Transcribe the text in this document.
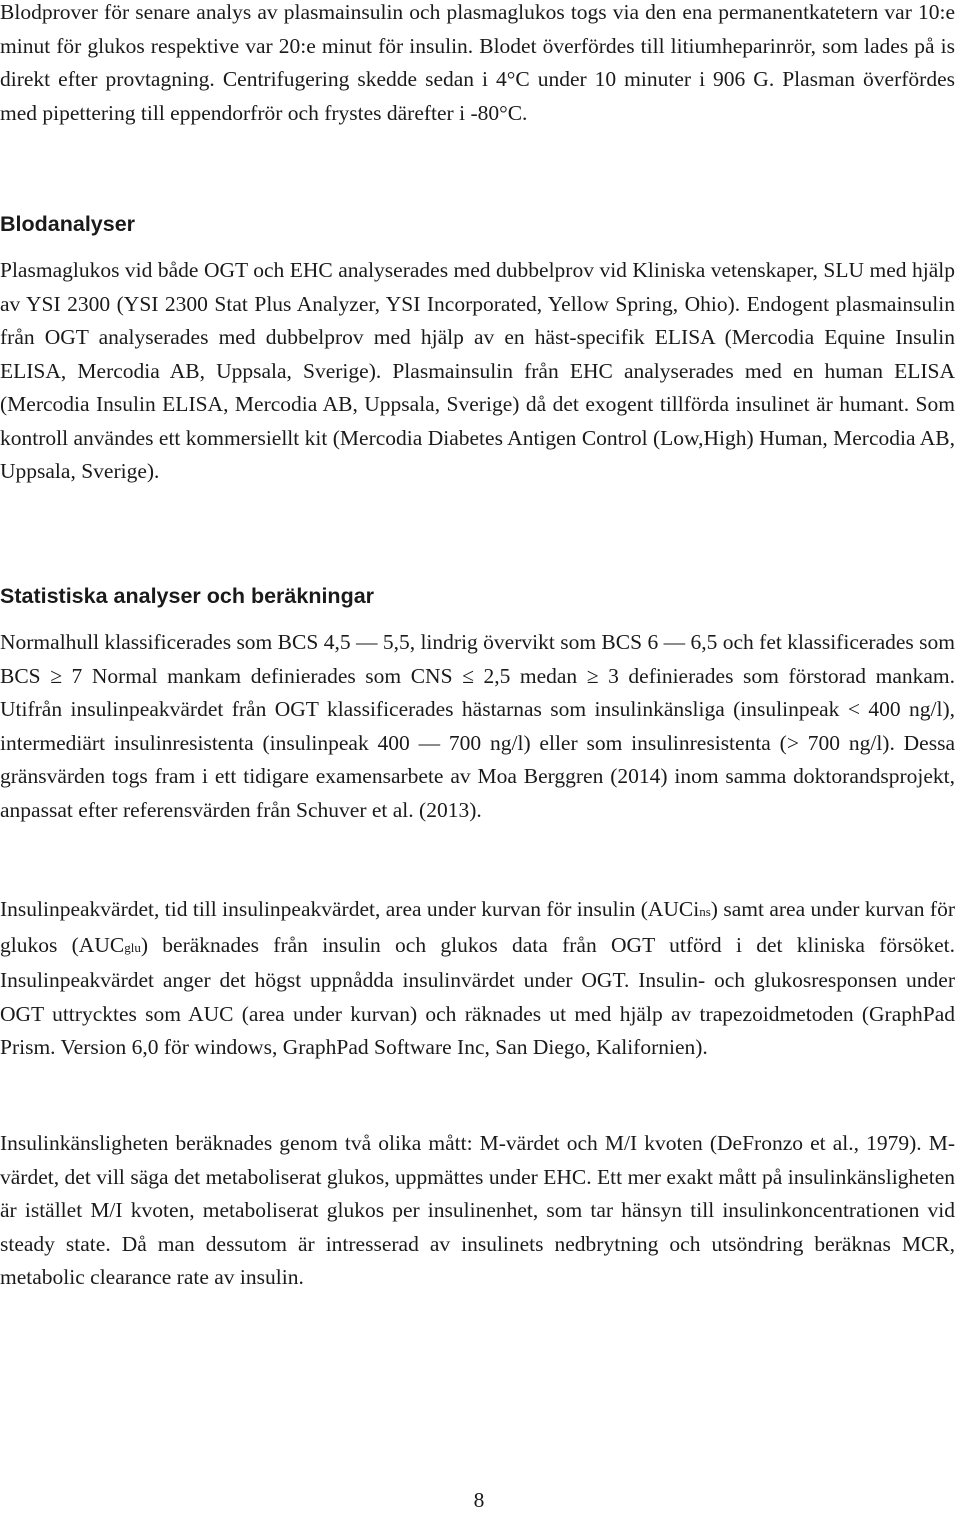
Blodprover för senare analys av plasmainsulin och plasmaglukos togs via den ena permanentkatetern var 10:e minut för glukos respektive var 20:e minut för insulin. Blodet överfördes till litiumheparinrör, som lades på is direkt efter provtagning. Centrifugering skedde sedan i 4°C under 10 minuter i 906 G. Plasman överfördes med pipettering till eppendorfrör och frystes därefter i -80°C.

Blodanalyser

Plasmaglukos vid både OGT och EHC analyserades med dubbelprov vid Kliniska vetenskaper, SLU med hjälp av YSI 2300 (YSI 2300 Stat Plus Analyzer, YSI Incorporated, Yellow Spring, Ohio). Endogent plasmainsulin från OGT analyserades med dubbelprov med hjälp av en häst-specifik ELISA (Mercodia Equine Insulin ELISA, Mercodia AB, Uppsala, Sverige). Plasmainsulin från EHC analyserades med en human ELISA (Mercodia Insulin ELISA, Mercodia AB, Uppsala, Sverige) då det exogent tillförda insulinet är humant. Som kontroll användes ett kommersiellt kit (Mercodia Diabetes Antigen Control (Low,High) Human, Mercodia AB, Uppsala, Sverige).

Statistiska analyser och beräkningar

Normalhull klassificerades som BCS 4,5 — 5,5, lindrig övervikt som BCS 6 — 6,5 och fet klassificerades som BCS ≥ 7 Normal mankam definierades som CNS ≤ 2,5 medan ≥ 3 definierades som förstorad mankam. Utifrån insulinpeakvärdet från OGT klassificerades hästarnas som insulinkänsliga (insulinpeak < 400 ng/l), intermediärt insulinresistenta (insulinpeak 400 — 700 ng/l) eller som insulinresistenta (> 700 ng/l). Dessa gränsvärden togs fram i ett tidigare examensarbete av Moa Berggren (2014) inom samma doktorandsprojekt, anpassat efter referensvärden från Schuver et al. (2013).

Insulinpeakvärdet, tid till insulinpeakvärdet, area under kurvan för insulin (AUCins) samt area under kurvan för glukos (AUCglu) beräknades från insulin och glukos data från OGT utförd i det kliniska försöket. Insulinpeakvärdet anger det högst uppnådda insulinvärdet under OGT. Insulin- och glukosresponsen under OGT uttrycktes som AUC (area under kurvan) och räknades ut med hjälp av trapezoidmetoden (GraphPad Prism. Version 6,0 för windows, GraphPad Software Inc, San Diego, Kalifornien).

Insulinkänsligheten beräknades genom två olika mått: M-värdet och M/I kvoten (DeFronzo et al., 1979). M-värdet, det vill säga det metaboliserat glukos, uppmättes under EHC. Ett mer exakt mått på insulinkänsligheten är istället M/I kvoten, metaboliserat glukos per insulinenhet, som tar hänsyn till insulinkoncentrationen vid steady state. Då man dessutom är intresserad av insulinets nedbrytning och utsöndring beräknas MCR, metabolic clearance rate av insulin.

8
